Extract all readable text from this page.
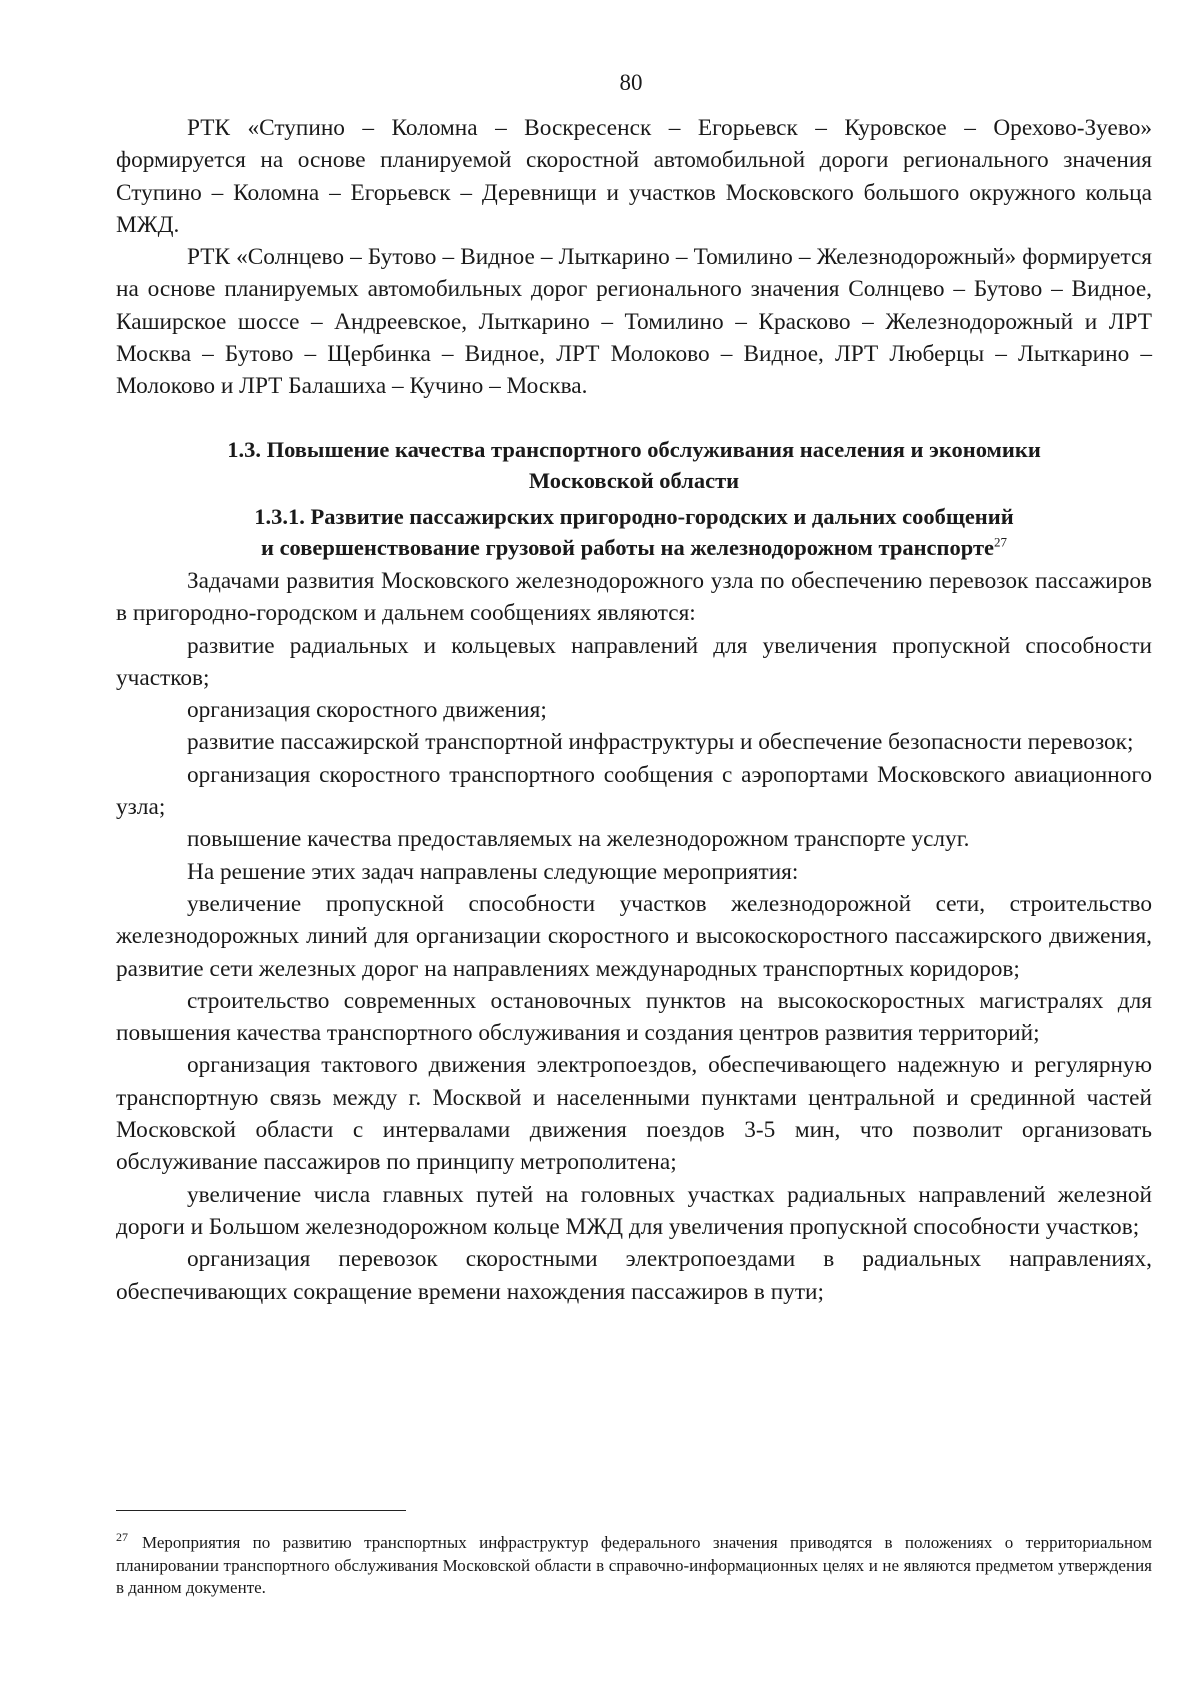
80

РТК «Ступино – Коломна – Воскресенск – Егорьевск – Куровское – Орехово-Зуево» формируется на основе планируемой скоростной автомобильной дороги регионального значения Ступино – Коломна – Егорьевск – Деревнищи и участков Московского большого окружного кольца МЖД.

РТК «Солнцево – Бутово – Видное – Лыткарино – Томилино – Железнодорожный» формируется на основе планируемых автомобильных дорог регионального значения Солнцево – Бутово – Видное, Каширское шоссе – Андреевское, Лыткарино – Томилино – Красково – Железнодорожный и ЛРТ Москва – Бутово – Щербинка – Видное, ЛРТ Молоково – Видное, ЛРТ Люберцы – Лыткарино – Молоково и ЛРТ Балашиха – Кучино – Москва.

1.3. Повышение качества транспортного обслуживания населения и экономики
Московской области
1.3.1. Развитие пассажирских пригородно-городских и дальних сообщений
и совершенствование грузовой работы на железнодорожном транспорте$^{27}$

Задачами развития Московского железнодорожного узла по обеспечению перевозок пассажиров в пригородно-городском и дальнем сообщениях являются:

развитие радиальных и кольцевых направлений для увеличения пропускной способности участков;

организация скоростного движения;

развитие пассажирской транспортной инфраструктуры и обеспечение безопасности перевозок;

организация скоростного транспортного сообщения с аэропортами Московского авиационного узла;

повышение качества предоставляемых на железнодорожном транспорте услуг.

На решение этих задач направлены следующие мероприятия:

увеличение пропускной способности участков железнодорожной сети, строительство железнодорожных линий для организации скоростного и высокоскоростного пассажирского движения, развитие сети железных дорог на направлениях международных транспортных коридоров;

строительство современных остановочных пунктов на высокоскоростных магистралях для повышения качества транспортного обслуживания и создания центров развития территорий;

организация тактового движения электропоездов, обеспечивающего надежную и регулярную транспортную связь между г. Москвой и населенными пунктами центральной и срединной частей Московской области с интервалами движения поездов 3-5 мин, что позволит организовать обслуживание пассажиров по принципу метрополитена;

увеличение числа главных путей на головных участках радиальных направлений железной дороги и Большом железнодорожном кольце МЖД для увеличения пропускной способности участков;

организация перевозок скоростными электропоездами в радиальных направлениях, обеспечивающих сокращение времени нахождения пассажиров в пути;

$^{27}$ Мероприятия по развитию транспортных инфраструктур федерального значения приводятся в положениях о территориальном планировании транспортного обслуживания Московской области в справочно-информационных целях и не являются предметом утверждения в данном документе.
